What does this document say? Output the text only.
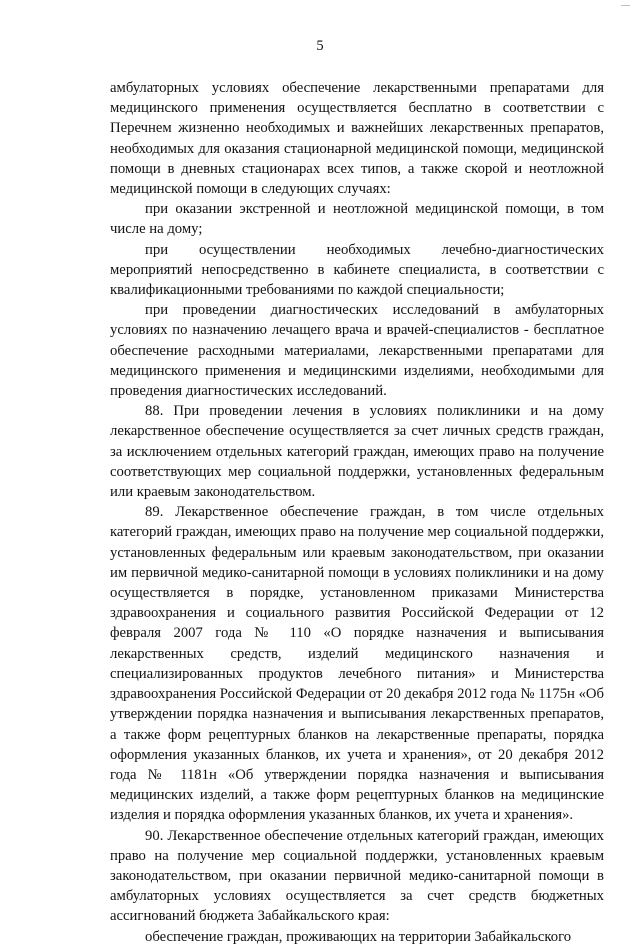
—
5

амбулаторных условиях обеспечение лекарственными препаратами для медицинского применения осуществляется бесплатно в соответствии с Перечнем жизненно необходимых и важнейших лекарственных препаратов, необходимых для оказания стационарной медицинской помощи, медицинской помощи в дневных стационарах всех типов, а также скорой и неотложной медицинской помощи в следующих случаях:

при оказании экстренной и неотложной медицинской помощи, в том числе на дому;

при осуществлении необходимых лечебно-диагностических мероприятий непосредственно в кабинете специалиста, в соответствии с квалификационными требованиями по каждой специальности;

при проведении диагностических исследований в амбулаторных условиях по назначению лечащего врача и врачей-специалистов - бесплатное обеспечение расходными материалами, лекарственными препаратами для медицинского применения и медицинскими изделиями, необходимыми для проведения диагностических исследований.

88. При проведении лечения в условиях поликлиники и на дому лекарственное обеспечение осуществляется за счет личных средств граждан, за исключением отдельных категорий граждан, имеющих право на получение соответствующих мер социальной поддержки, установленных федеральным или краевым законодательством.

89. Лекарственное обеспечение граждан, в том числе отдельных категорий граждан, имеющих право на получение мер социальной поддержки, установленных федеральным или краевым законодательством, при оказании им первичной медико-санитарной помощи в условиях поликлиники и на дому осуществляется в порядке, установленном приказами Министерства здравоохранения и социального развития Российской Федерации от 12 февраля 2007 года № 110 «О порядке назначения и выписывания лекарственных средств, изделий медицинского назначения и специализированных продуктов лечебного питания» и Министерства здравоохранения Российской Федерации от 20 декабря 2012 года № 1175н «Об утверждении порядка назначения и выписывания лекарственных препаратов, а также форм рецептурных бланков на лекарственные препараты, порядка оформления указанных бланков, их учета и хранения», от 20 декабря 2012 года № 1181н «Об утверждении порядка назначения и выписывания медицинских изделий, а также форм рецептурных бланков на медицинские изделия и порядка оформления указанных бланков, их учета и хранения».

90. Лекарственное обеспечение отдельных категорий граждан, имеющих право на получение мер социальной поддержки, установленных краевым законодательством, при оказании первичной медико-санитарной помощи в амбулаторных условиях осуществляется за счет средств бюджетных ассигнований бюджета Забайкальского края:

обеспечение граждан, проживающих на территории Забайкальского
